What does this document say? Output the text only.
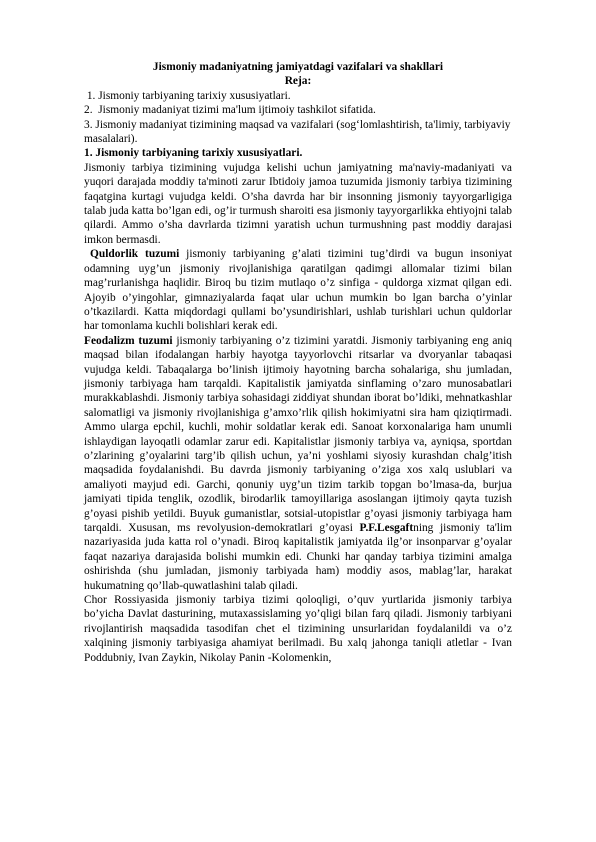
Jismoniy madaniyatning jamiyatdagi vazifalari va shakllari

Reja:

1. Jismoniy tarbiyaning tarixiy xususiyatlari.

2.  Jismoniy madaniyat tizimi ma'lum ijtimoiy tashkilot sifatida.

3. Jismoniy madaniyat tizimining maqsad va vazifalari (sog‘lomlashtirish, ta'limiy, tarbiyaviy masalalari).

1. Jismoniy tarbiyaning tarixiy xususiyatlari.

Jismoniy tarbiya tizimining vujudga kelishi uchun jamiyatning ma'naviy-madaniyati va yuqori darajada moddiy ta'minoti zarur Ibtidoiy jamoa tuzumida jismoniy tarbiya tizimining faqatgina kurtagi vujudga keldi. O’sha davrda har bir insonning jismoniy tayyorgarligiga talab juda katta bo’lgan edi, og’ir turmush sharoiti esa jismoniy tayyorgarlikka ehtiyojni talab qilardi. Ammo o’sha davrlarda tizimni yaratish uchun turmushning past moddiy darajasi imkon bermasdi.

Quldorlik tuzumi jismoniy tarbiyaning g’alati tizimini tug’dirdi va bugun insoniyat odamning uyg’un jismoniy rivojlanishiga qaratilgan qadimgi allomalar tizimi bilan mag’rurlanishga haqlidir. Biroq bu tizim mutlaqo o’z sinfiga - quldorga xizmat qilgan edi. Ajoyib o’yingohlar, gimnaziyalarda faqat ular uchun mumkin bo lgan barcha o’yinlar o’tkazilardi. Katta miqdordagi qullami bo’ysundirishlari, ushlab turishlari uchun quldorlar har tomonlama kuchli bolishlari kerak edi.

Feodalizm tuzumi jismoniy tarbiyaning o’z tizimini yaratdi. Jismoniy tarbiyaning eng aniq maqsad bilan ifodalangan harbiy hayotga tayyorlovchi ritsarlar va dvoryanlar tabaqasi vujudga keldi. Tabaqalarga bo’linish ijtimoiy hayotning barcha sohalariga, shu jumladan, jismoniy tarbiyaga ham tarqaldi. Kapitalistik jamiyatda sinflaming o’zaro munosabatlari murakkablashdi. Jismoniy tarbiya sohasidagi ziddiyat shundan iborat bo’ldiki, mehnatkashlar salomatligi va jismoniy rivojlanishiga g’amxo’rlik qilish hokimiyatni sira ham qiziqtirmadi. Ammo ularga epchil, kuchli, mohir soldatlar kerak edi. Sanoat korxonalariga ham unumli ishlaydigan layoqatli odamlar zarur edi. Kapitalistlar jismoniy tarbiya va, ayniqsa, sportdan o’zlarining g’oyalarini targ’ib qilish uchun, ya’ni yoshlami siyosiy kurashdan chalg’itish maqsadida foydalanishdi. Bu davrda jismoniy tarbiyaning o’ziga xos xalq uslublari va amaliyoti mayjud edi. Garchi, qonuniy uyg’un tizim tarkib topgan bo’lmasa-da, burjua jamiyati tipida tenglik, ozodlik, birodarlik tamoyillariga asoslangan ijtimoiy qayta tuzish g’oyasi pishib yetildi. Buyuk gumanistlar, sotsial-utopistlar g’oyasi jismoniy tarbiyaga ham tarqaldi. Xususan, ms revolyusion-demokratlari g’oyasi P.F.Lesgaftning jismoniy ta'lim nazariyasida juda katta rol o’ynadi. Biroq kapitalistik jamiyatda ilg’or insonparvar g’oyalar faqat nazariya darajasida bolishi mumkin edi. Chunki har qanday tarbiya tizimini amalga oshirishda (shu jumladan, jismoniy tarbiyada ham) moddiy asos, mablag’lar, harakat hukumatning qo’llab-quwatlashini talab qiladi.

Chor Rossiyasida jismoniy tarbiya tizimi qoloqligi, o’quv yurtlarida jismoniy tarbiya bo’yicha Davlat dasturining, mutaxassislaming yo’qligi bilan farq qiladi. Jismoniy tarbiyani rivojlantirish maqsadida tasodifan chet el tizimining unsurlaridan foydalanildi va o’z xalqining jismoniy tarbiyasiga ahamiyat berilmadi. Bu xalq jahonga taniqli atletlar - Ivan Poddubniy, Ivan Zaykin, Nikolay Panin -Kolomenkin,
